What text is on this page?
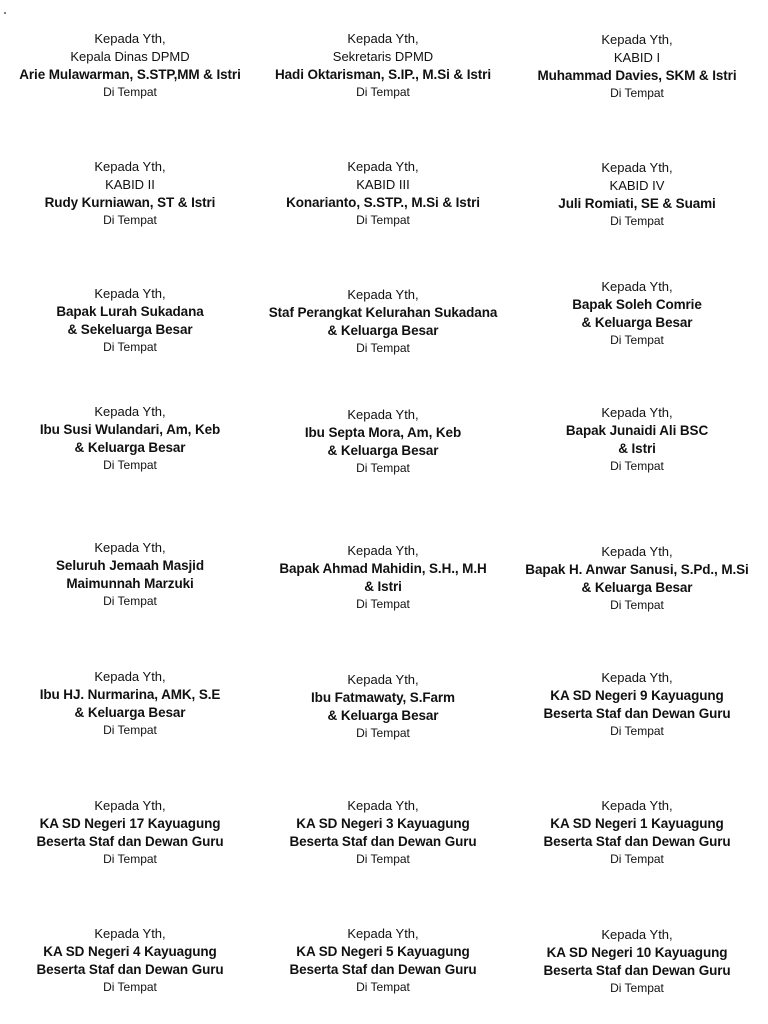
Kepada Yth,
Kepala Dinas DPMD
Arie Mulawarman, S.STP,MM & Istri
Di Tempat
Kepada Yth,
Sekretaris DPMD
Hadi Oktarisman, S.IP., M.Si & Istri
Di Tempat
Kepada Yth,
KABID I
Muhammad Davies, SKM & Istri
Di Tempat
Kepada Yth,
KABID II
Rudy Kurniawan, ST & Istri
Di Tempat
Kepada Yth,
KABID III
Konarianto, S.STP., M.Si & Istri
Di Tempat
Kepada Yth,
KABID IV
Juli Romiati, SE & Suami
Di Tempat
Kepada Yth,
Bapak Lurah Sukadana
& Sekeluarga Besar
Di Tempat
Kepada Yth,
Staf Perangkat Kelurahan Sukadana
& Keluarga Besar
Di Tempat
Kepada Yth,
Bapak Soleh Comrie
& Keluarga Besar
Di Tempat
Kepada Yth,
Ibu Susi Wulandari, Am, Keb
& Keluarga Besar
Di Tempat
Kepada Yth,
Ibu Septa Mora, Am, Keb
& Keluarga Besar
Di Tempat
Kepada Yth,
Bapak Junaidi Ali BSC
& Istri
Di Tempat
Kepada Yth,
Seluruh Jemaah Masjid
Maimunnah Marzuki
Di Tempat
Kepada Yth,
Bapak Ahmad Mahidin, S.H., M.H
& Istri
Di Tempat
Kepada Yth,
Bapak H. Anwar Sanusi, S.Pd., M.Si
& Keluarga Besar
Di Tempat
Kepada Yth,
Ibu HJ. Nurmarina, AMK, S.E
& Keluarga Besar
Di Tempat
Kepada Yth,
Ibu Fatmawaty, S.Farm
& Keluarga Besar
Di Tempat
Kepada Yth,
KA SD Negeri 9 Kayuagung
Beserta Staf dan Dewan Guru
Di Tempat
Kepada Yth,
KA SD Negeri 17 Kayuagung
Beserta Staf dan Dewan Guru
Di Tempat
Kepada Yth,
KA SD Negeri 3 Kayuagung
Beserta Staf dan Dewan Guru
Di Tempat
Kepada Yth,
KA SD Negeri 1 Kayuagung
Beserta Staf dan Dewan Guru
Di Tempat
Kepada Yth,
KA SD Negeri 4 Kayuagung
Beserta Staf dan Dewan Guru
Di Tempat
Kepada Yth,
KA SD Negeri 5 Kayuagung
Beserta Staf dan Dewan Guru
Di Tempat
Kepada Yth,
KA SD Negeri 10 Kayuagung
Beserta Staf dan Dewan Guru
Di Tempat
